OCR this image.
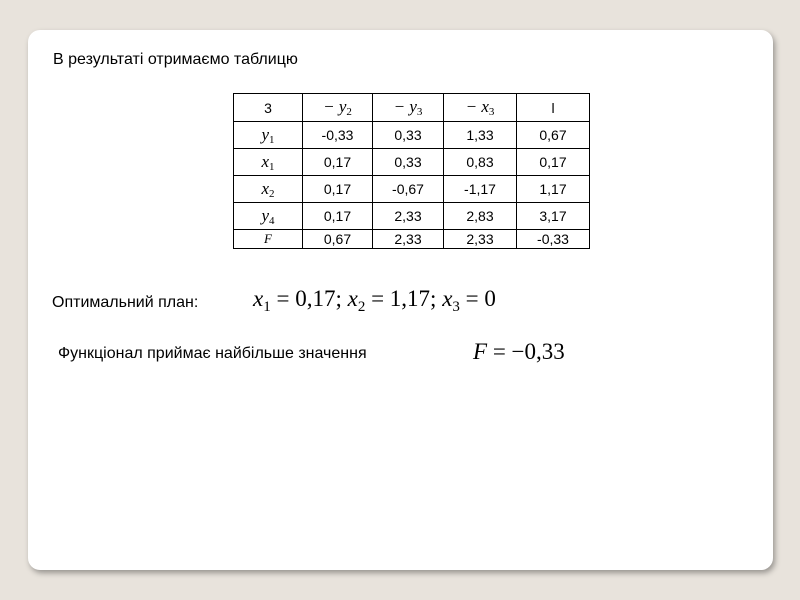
В результаті отримаємо таблицю
3	− $y_2$	− $y_3$	− $x_3$	l
$y_1$	-0,33	0,33	1,33	0,67
$x_1$	0,17	0,33	0,83	0,17
$x_2$	0,17	-0,67	-1,17	1,17
$y_4$	0,17	2,33	2,83	3,17
F	0,67	2,33	2,33	-0,33
Оптимальний план: $x_1 = 0,17$; $x_2 = 1,17$; $x_3 = 0$
Функціонал приймає найбільше значення	F = −0,33
